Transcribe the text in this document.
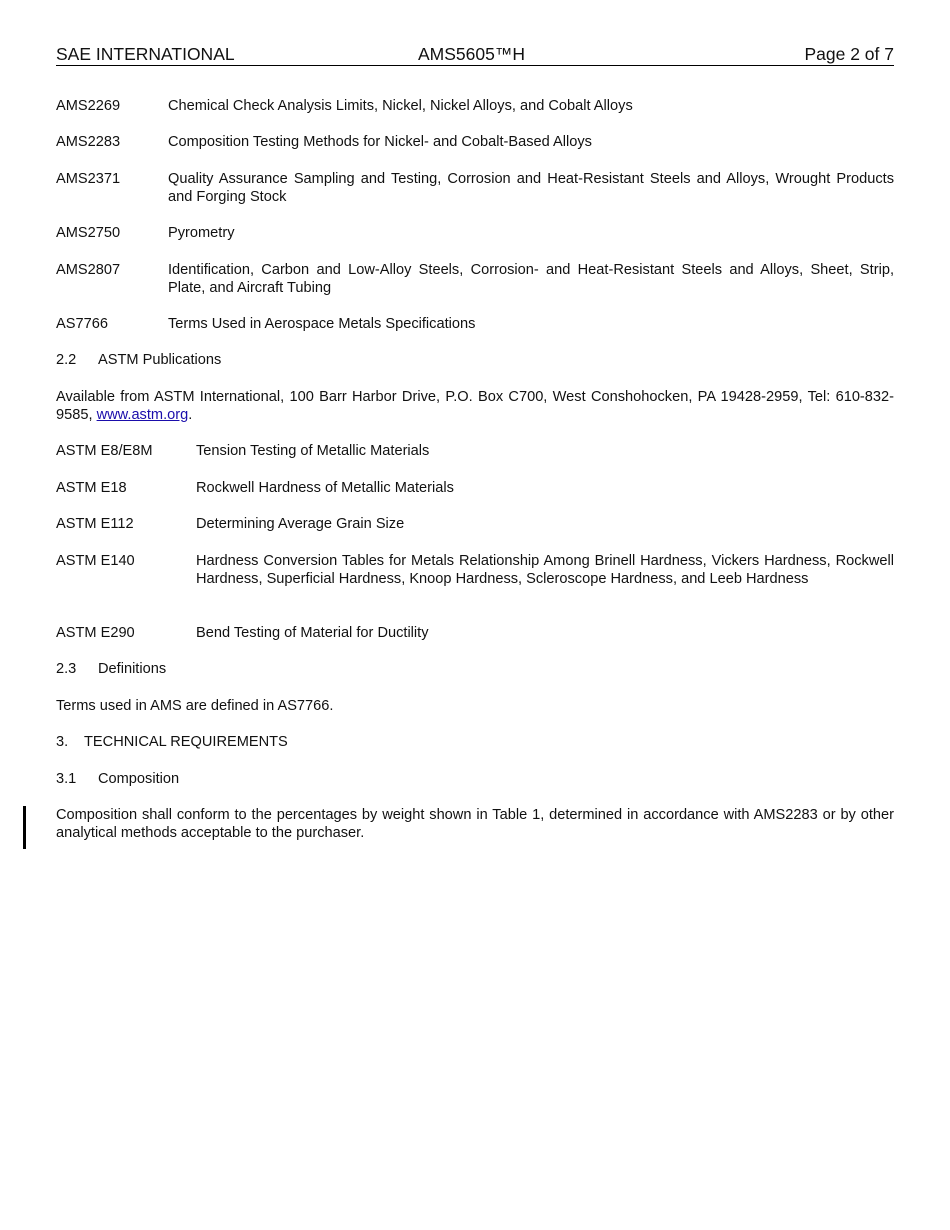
SAE INTERNATIONAL	AMS5605™H	Page 2 of 7
AMS2269	Chemical Check Analysis Limits, Nickel, Nickel Alloys, and Cobalt Alloys
AMS2283	Composition Testing Methods for Nickel- and Cobalt-Based Alloys
AMS2371	Quality Assurance Sampling and Testing, Corrosion and Heat-Resistant Steels and Alloys, Wrought Products and Forging Stock
AMS2750	Pyrometry
AMS2807	Identification, Carbon and Low-Alloy Steels, Corrosion- and Heat-Resistant Steels and Alloys, Sheet, Strip, Plate, and Aircraft Tubing
AS7766	Terms Used in Aerospace Metals Specifications
2.2 ASTM Publications
Available from ASTM International, 100 Barr Harbor Drive, P.O. Box C700, West Conshohocken, PA 19428-2959, Tel: 610-832-9585, www.astm.org.
ASTM E8/E8M	Tension Testing of Metallic Materials
ASTM E18	Rockwell Hardness of Metallic Materials
ASTM E112	Determining Average Grain Size
ASTM E140	Hardness Conversion Tables for Metals Relationship Among Brinell Hardness, Vickers Hardness, Rockwell Hardness, Superficial Hardness, Knoop Hardness, Scleroscope Hardness, and Leeb Hardness
ASTM E290	Bend Testing of Material for Ductility
2.3 Definitions
Terms used in AMS are defined in AS7766.
3. TECHNICAL REQUIREMENTS
3.1 Composition
Composition shall conform to the percentages by weight shown in Table 1, determined in accordance with AMS2283 or by other analytical methods acceptable to the purchaser.
